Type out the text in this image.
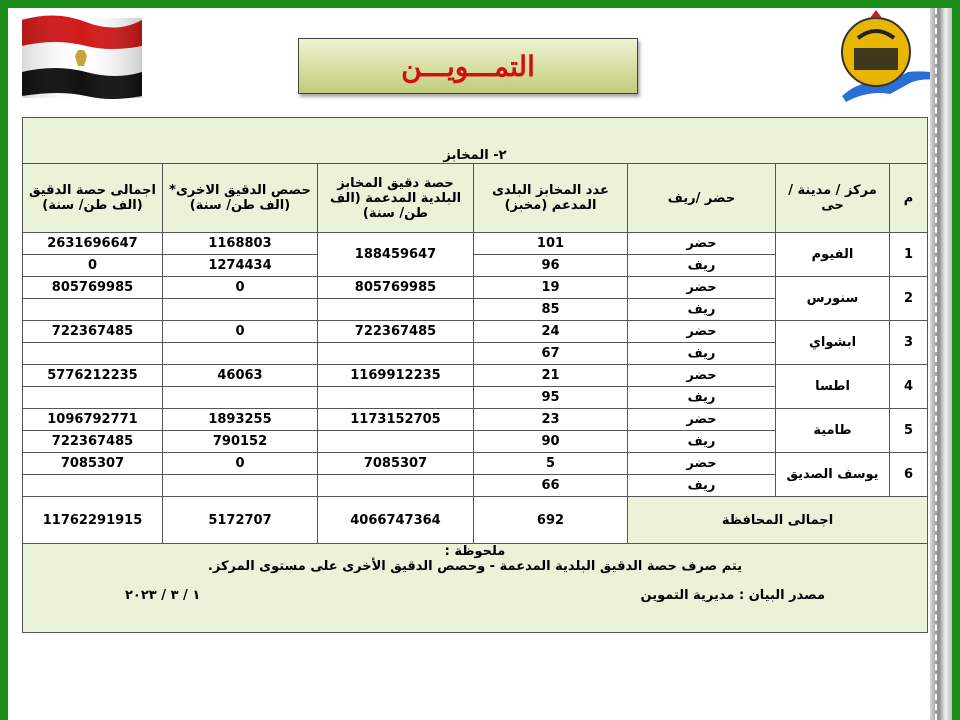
التمـــويـــن
٢- المخابز						
م	مركز / مدينة / حى	حضر /ريف	عدد المخابز البلدى المدعم (مخبز)	حصة دقيق المخابز البلدية المدعمة (الف طن/ سنة)	حصص الدقيق الاخرى* (الف طن/ سنة)	اجمالى حصة الدقيق (الف طن/ سنة)
1	الفيوم	حضر	101	188459647	1168803	2631696647
		ريف	96		1274434	0
2	سنورس	حضر	19	805769985	0	805769985
		ريف	85			
3	ابشواي	حضر	24	722367485	0	722367485
		ريف	67			
4	اطسا	حضر	21	1169912235	46063	5776212235
		ريف	95			
5	طامية	حضر	23	1173152705	1893255	1096792771
		ريف	90		790152	722367485
6	يوسف الصديق	حضر	5	7085307	0	7085307
		ريف	66			
اجمالى المحافظة			692	4066747364	5172707	11762291915

ملحوظة :
يتم صرف حصة الدقيق البلدية المدعمة - وحصص الدقيق الأخرى على مستوى المركز.
مصدر البيان : مديرية التموين
١ / ٣ / ٢٠٢٣						
